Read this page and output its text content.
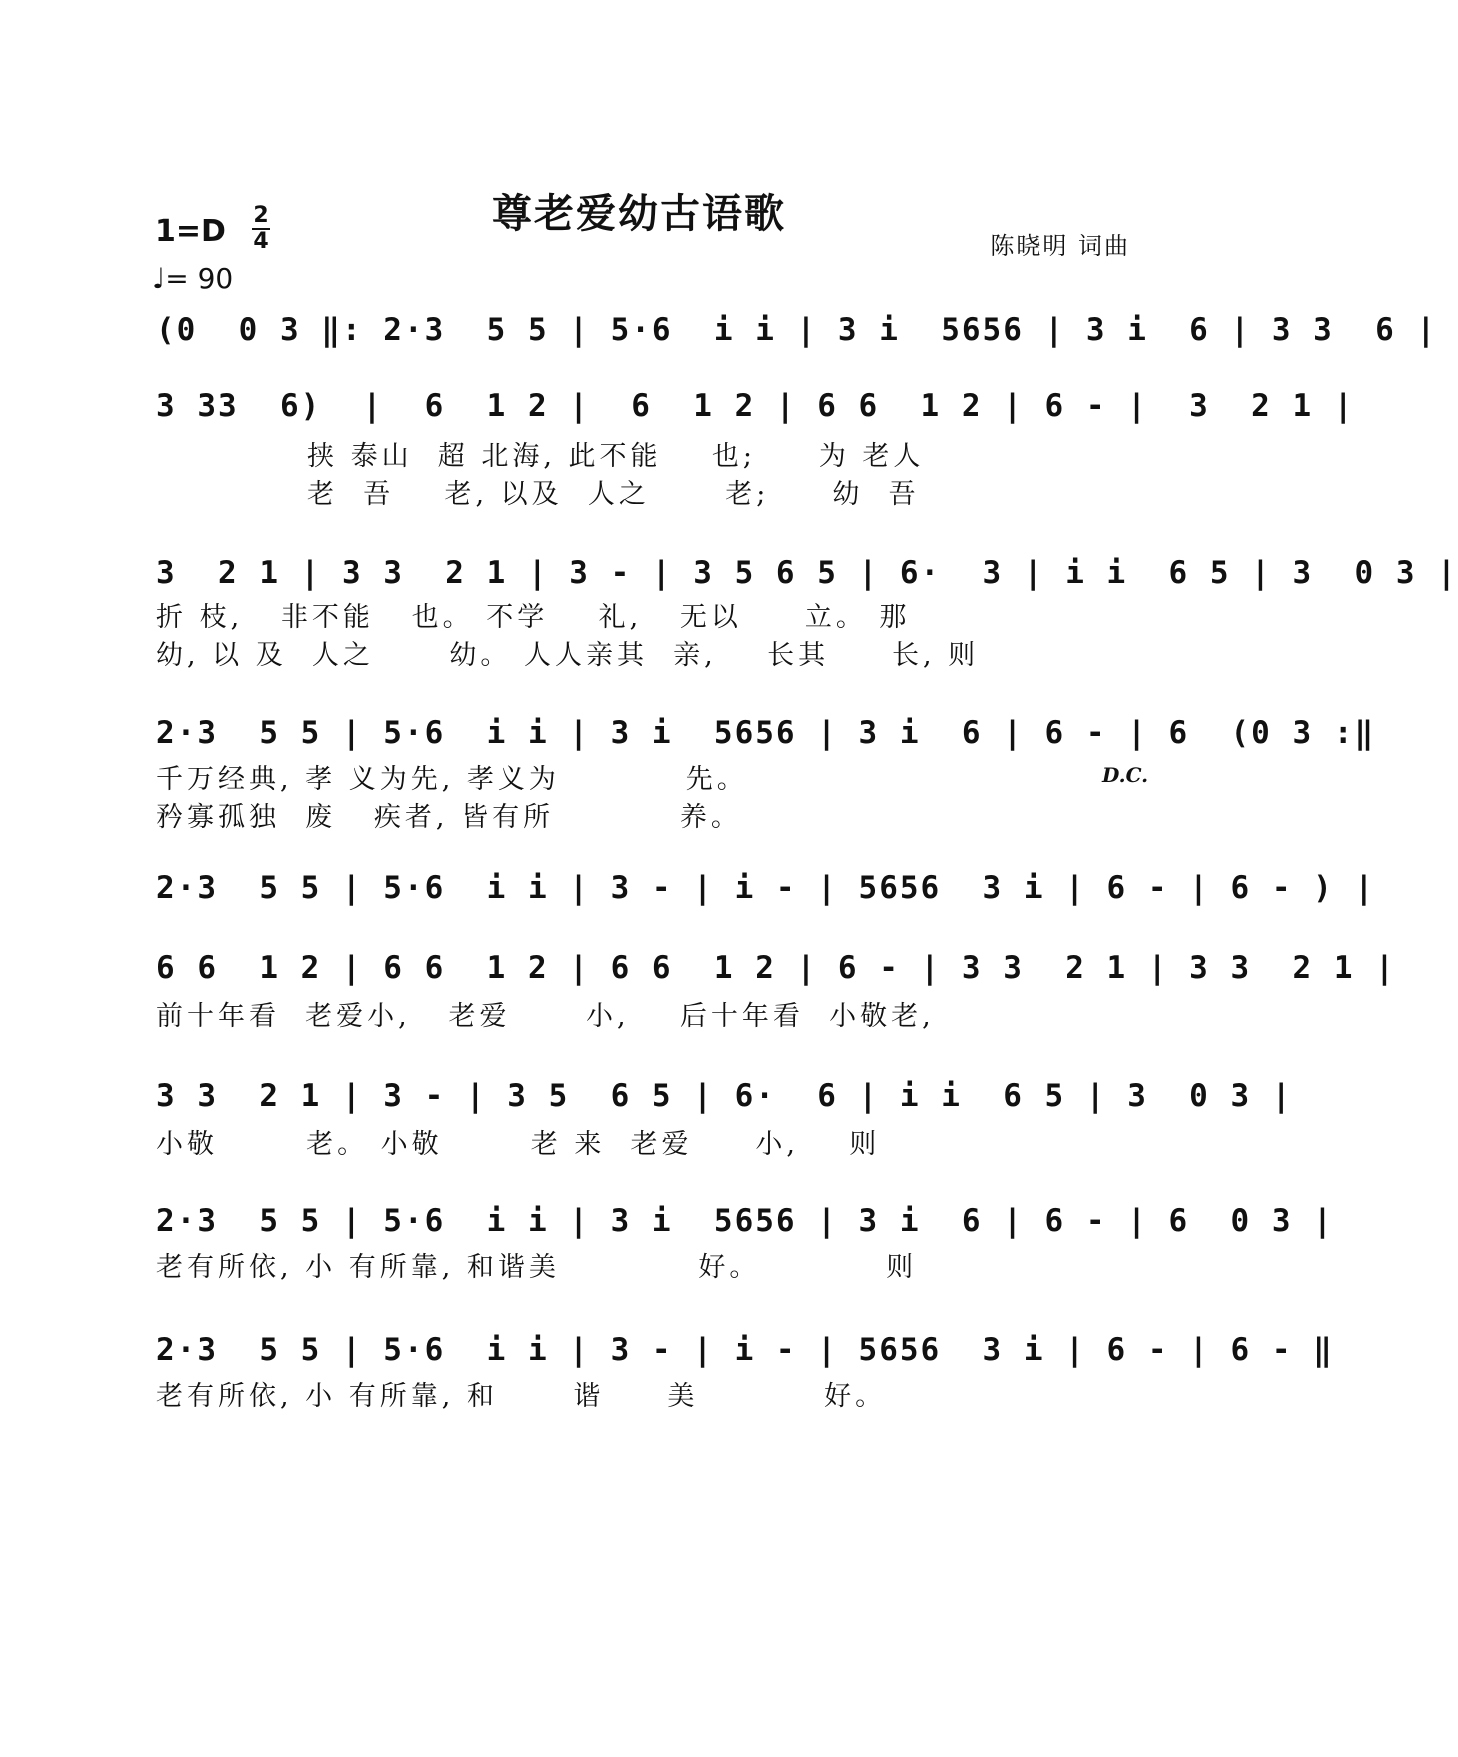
尊老爱幼古语歌
陈晓明 词曲
1=D 2
4
♩= 90
(0  0 3 ‖: 2·3  5 5 | 5·6  i i | 3 i  5656 | 3 i  6 | 3 3  6 |
3 33  6)  |  6  1 2 |  6  1 2 | 6 6  1 2 | 6 - |  3  2 1 |
挟 泰山  超 北海, 此不能    也;     为 老人
老  吾    老, 以及  人之      老;     幼  吾
3  2 1 | 3 3  2 1 | 3 - | 3 5 6 5 | 6·  3 | i i  6 5 | 3  0 3 |
折 枝,   非不能   也。 不学    礼,   无以     立。 那
幼, 以 及  人之      幼。 人人亲其  亲,    长其     长, 则
2·3  5 5 | 5·6  i i | 3 i  5656 | 3 i  6 | 6 - | 6  (0 3 :‖
千万经典, 孝 义为先, 孝义为          先。
矜寡孤独  废   疾者, 皆有所          养。
D.C.
2·3  5 5 | 5·6  i i | 3 - | i - | 5656  3 i | 6 - | 6 - ) |
6 6  1 2 | 6 6  1 2 | 6 6  1 2 | 6 - | 3 3  2 1 | 3 3  2 1 |
前十年看  老爱小,   老爱      小,    后十年看  小敬老,
3 3  2 1 | 3 - | 3 5  6 5 | 6·  6 | i i  6 5 | 3  0 3 |
小敬       老。 小敬       老 来  老爱     小,    则
2·3  5 5 | 5·6  i i | 3 i  5656 | 3 i  6 | 6 - | 6  0 3 |
老有所依, 小 有所靠, 和谐美           好。          则
2·3  5 5 | 5·6  i i | 3 - | i - | 5656  3 i | 6 - | 6 - ‖
老有所依, 小 有所靠, 和      谐     美          好。
